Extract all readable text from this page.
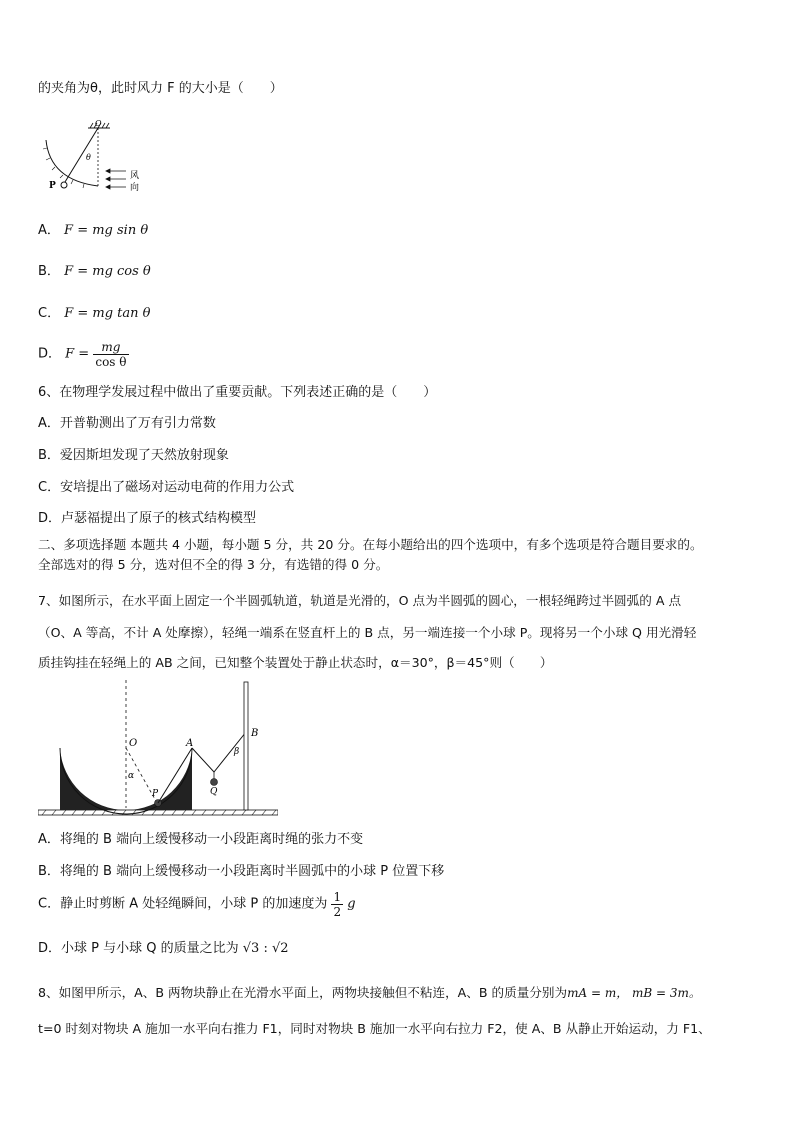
的夹角为θ，此时风力 F 的大小是（　　）
O
P
θ
风
向
A． F = mg sin θ
B． F = mg cos θ
C． F = mg tan θ
D． $F = \frac{mg}{\text{cos θ}}$
6、在物理学发展过程中做出了重要贡献。下列表述正确的是（　　）
A．开普勒测出了万有引力常数
B．爱因斯坦发现了天然放射现象
C．安培提出了磁场对运动电荷的作用力公式
D．卢瑟福提出了原子的核式结构模型
二、多项选择题 本题共 4 小题，每小题 5 分，共 20 分。在每小题给出的四个选项中，有多个选项是符合题目要求的。
全部选对的得 5 分，选对但不全的得 3 分，有选错的得 0 分。
7、如图所示，在水平面上固定一个半圆弧轨道，轨道是光滑的，O 点为半圆弧的圆心，一根轻绳跨过半圆弧的 A 点
（O、A 等高，不计 A 处摩擦），轻绳一端系在竖直杆上的 B 点，另一端连接一个小球 P。现将另一个小球 Q 用光滑轻
质挂钩挂在轻绳上的 AB 之间，已知整个装置处于静止状态时，α＝30°，β＝45°则（　　）
O
α
P
A
Q
B
β
A．将绳的 B 端向上缓慢移动一小段距离时绳的张力不变
B．将绳的 B 端向上缓慢移动一小段距离时半圆弧中的小球 P 位置下移
C．静止时剪断 A 处轻绳瞬间，小球 P 的加速度为 $\frac{1}{2}$ g
D．小球 P 与小球 Q 的质量之比为 √3 : √2
8、如图甲所示，A、B 两物块静止在光滑水平面上，两物块接触但不粘连，A、B 的质量分别为mA = m， mB = 3m。
t=0 时刻对物块 A 施加一水平向右推力 F1，同时对物块 B 施加一水平向右拉力 F2，使 A、B 从静止开始运动，力 F1、
